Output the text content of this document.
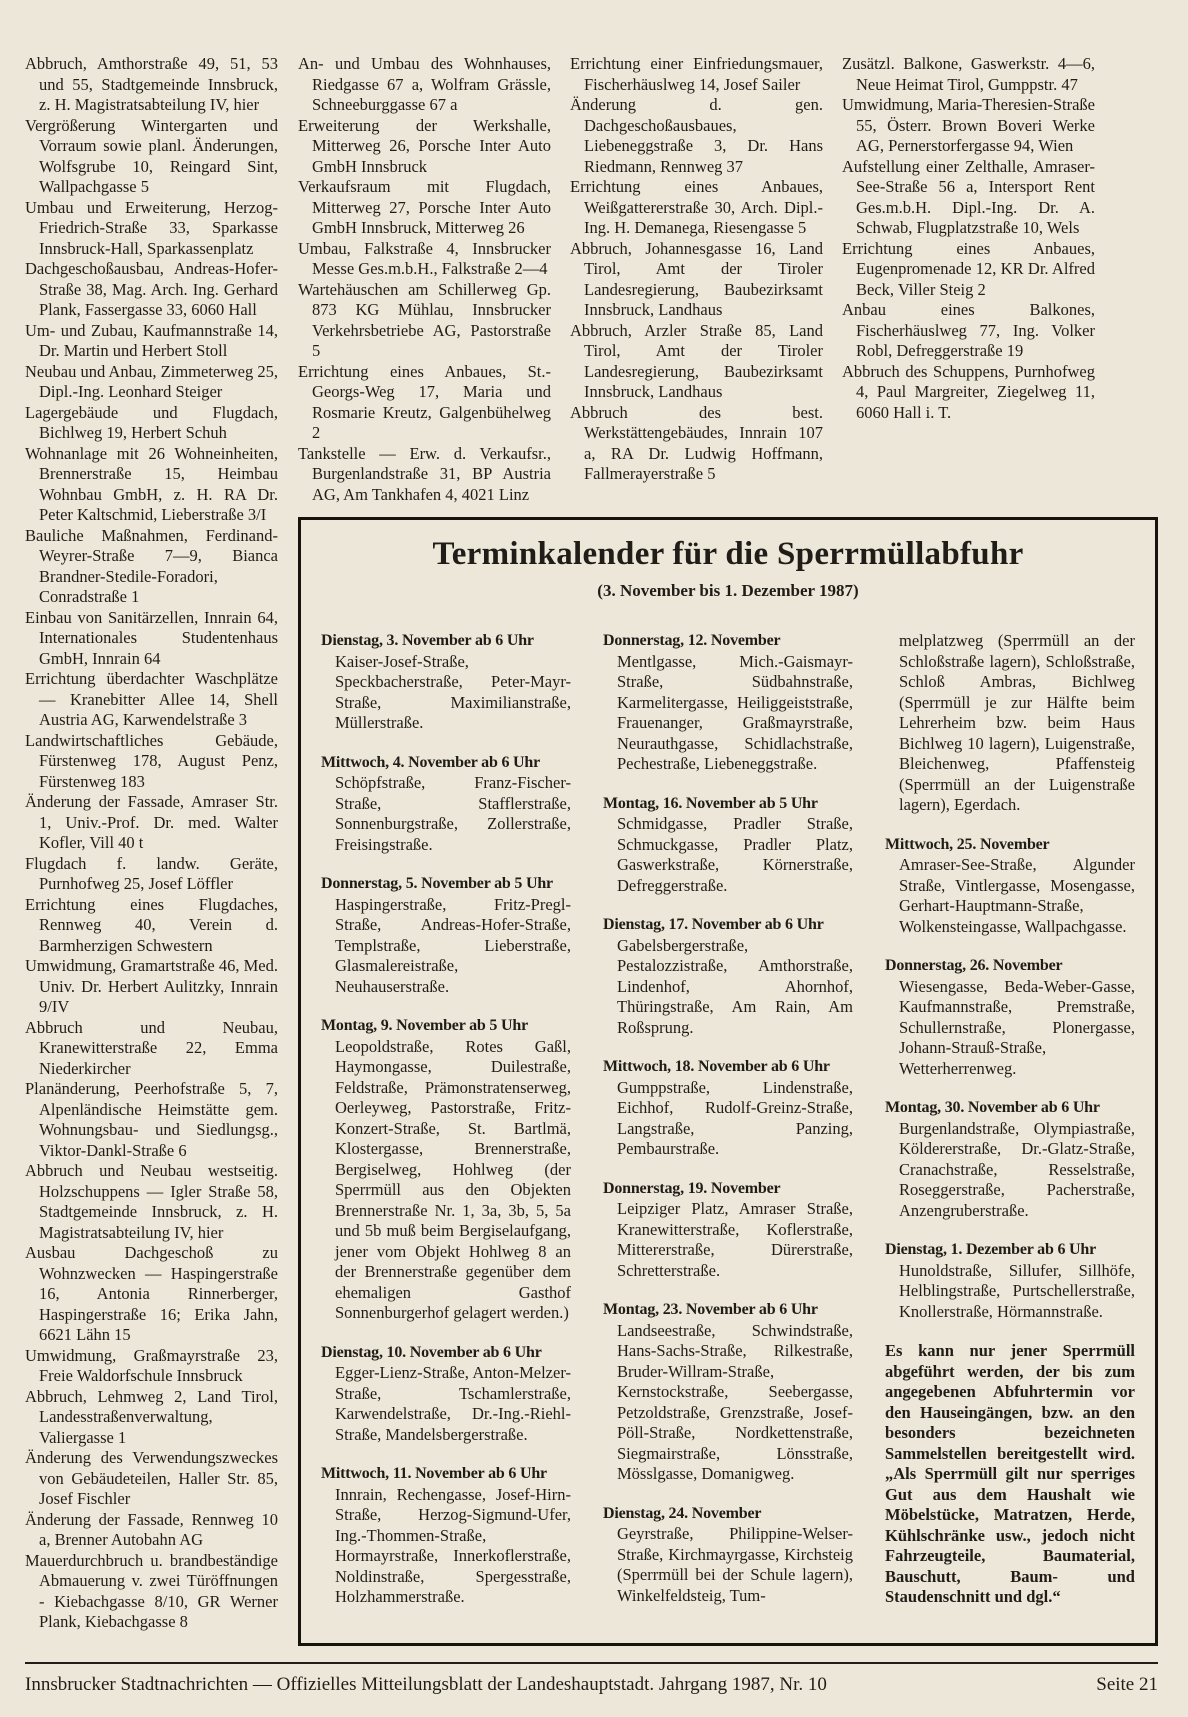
Abbruch, Amthorstraße 49, 51, 53 und 55, Stadtgemeinde Innsbruck, z. H. Magistratsabteilung IV, hier

Vergrößerung Wintergarten und Vorraum sowie planl. Änderungen, Wolfsgrube 10, Reingard Sint, Wallpachgasse 5

Umbau und Erweiterung, Herzog-Friedrich-Straße 33, Sparkasse Innsbruck-Hall, Sparkassenplatz

Dachgeschoßausbau, Andreas-Hofer-Straße 38, Mag. Arch. Ing. Gerhard Plank, Fassergasse 33, 6060 Hall

Um- und Zubau, Kaufmannstraße 14, Dr. Martin und Herbert Stoll

Neubau und Anbau, Zimmeterweg 25, Dipl.-Ing. Leonhard Steiger

Lagergebäude und Flugdach, Bichlweg 19, Herbert Schuh

Wohnanlage mit 26 Wohneinheiten, Brennerstraße 15, Heimbau Wohnbau GmbH, z. H. RA Dr. Peter Kaltschmid, Lieberstraße 3/I

Bauliche Maßnahmen, Ferdinand-Weyrer-Straße 7—9, Bianca Brandner-Stedile-Foradori, Conradstraße 1

Einbau von Sanitärzellen, Innrain 64, Internationales Studentenhaus GmbH, Innrain 64

Errichtung überdachter Waschplätze — Kranebitter Allee 14, Shell Austria AG, Karwendelstraße 3

Landwirtschaftliches Gebäude, Fürstenweg 178, August Penz, Fürstenweg 183

Änderung der Fassade, Amraser Str. 1, Univ.-Prof. Dr. med. Walter Kofler, Vill 40 t

Flugdach f. landw. Geräte, Purnhofweg 25, Josef Löffler

Errichtung eines Flugdaches, Rennweg 40, Verein d. Barmherzigen Schwestern

Umwidmung, Gramartstraße 46, Med. Univ. Dr. Herbert Aulitzky, Innrain 9/IV

Abbruch und Neubau, Kranewitterstraße 22, Emma Niederkircher

Planänderung, Peerhofstraße 5, 7, Alpenländische Heimstätte gem. Wohnungsbau- und Siedlungsg., Viktor-Dankl-Straße 6

Abbruch und Neubau westseitig. Holzschuppens — Igler Straße 58, Stadtgemeinde Innsbruck, z. H. Magistratsabteilung IV, hier

Ausbau Dachgeschoß zu Wohnzwecken — Haspingerstraße 16, Antonia Rinnerberger, Haspingerstraße 16; Erika Jahn, 6621 Lähn 15

Umwidmung, Graßmayrstraße 23, Freie Waldorfschule Innsbruck

Abbruch, Lehmweg 2, Land Tirol, Landesstraßenverwaltung, Valiergasse 1

Änderung des Verwendungszweckes von Gebäudeteilen, Haller Str. 85, Josef Fischler

Änderung der Fassade, Rennweg 10 a, Brenner Autobahn AG

Mauerdurchbruch u. brandbeständige Abmauerung v. zwei Türöffnungen - Kiebachgasse 8/10, GR Werner Plank, Kiebachgasse 8

An- und Umbau des Wohnhauses, Riedgasse 67 a, Wolfram Grässle, Schneeburggasse 67 a

Erweiterung der Werkshalle, Mitterweg 26, Porsche Inter Auto GmbH Innsbruck

Verkaufsraum mit Flugdach, Mitterweg 27, Porsche Inter Auto GmbH Innsbruck, Mitterweg 26

Umbau, Falkstraße 4, Innsbrucker Messe Ges.m.b.H., Falkstraße 2—4

Wartehäuschen am Schillerweg Gp. 873 KG Mühlau, Innsbrucker Verkehrsbetriebe AG, Pastorstraße 5

Errichtung eines Anbaues, St.-Georgs-Weg 17, Maria und Rosmarie Kreutz, Galgenbühelweg 2

Tankstelle — Erw. d. Verkaufsr., Burgenlandstraße 31, BP Austria AG, Am Tankhafen 4, 4021 Linz

Errichtung einer Einfriedungsmauer, Fischerhäuslweg 14, Josef Sailer

Änderung d. gen. Dachgeschoßausbaues, Liebeneggstraße 3, Dr. Hans Riedmann, Rennweg 37

Errichtung eines Anbaues, Weißgattererstraße 30, Arch. Dipl.-Ing. H. Demanega, Riesengasse 5

Abbruch, Johannesgasse 16, Land Tirol, Amt der Tiroler Landesregierung, Baubezirksamt Innsbruck, Landhaus

Abbruch, Arzler Straße 85, Land Tirol, Amt der Tiroler Landesregierung, Baubezirksamt Innsbruck, Landhaus

Abbruch des best. Werkstättengebäudes, Innrain 107 a, RA Dr. Ludwig Hoffmann, Fallmerayerstraße 5

Zusätzl. Balkone, Gaswerkstr. 4—6, Neue Heimat Tirol, Gumppstr. 47

Umwidmung, Maria-Theresien-Straße 55, Österr. Brown Boveri Werke AG, Pernerstorfergasse 94, Wien

Aufstellung einer Zelthalle, Amraser-See-Straße 56 a, Intersport Rent Ges.m.b.H. Dipl.-Ing. Dr. A. Schwab, Flugplatzstraße 10, Wels

Errichtung eines Anbaues, Eugenpromenade 12, KR Dr. Alfred Beck, Viller Steig 2

Anbau eines Balkones, Fischerhäuslweg 77, Ing. Volker Robl, Defreggerstraße 19

Abbruch des Schuppens, Purnhofweg 4, Paul Margreiter, Ziegelweg 11, 6060 Hall i. T.

Terminkalender für die Sperrmüllabfuhr

(3. November bis 1. Dezember 1987)

Dienstag, 3. November ab 6 Uhr

Kaiser-Josef-Straße, Speckbacherstraße, Peter-Mayr-Straße, Maximilianstraße, Müllerstraße.

Mittwoch, 4. November ab 6 Uhr

Schöpfstraße, Franz-Fischer-Straße, Stafflerstraße, Sonnenburgstraße, Zollerstraße, Freisingstraße.

Donnerstag, 5. November ab 5 Uhr

Haspingerstraße, Fritz-Pregl-Straße, Andreas-Hofer-Straße, Templstraße, Lieberstraße, Glasmalereistraße, Neuhauserstraße.

Montag, 9. November ab 5 Uhr

Leopoldstraße, Rotes Gaßl, Haymongasse, Duilestraße, Feldstraße, Prämonstratenserweg, Oerleyweg, Pastorstraße, Fritz-Konzert-Straße, St. Bartlmä, Klostergasse, Brennerstraße, Bergiselweg, Hohlweg (der Sperrmüll aus den Objekten Brennerstraße Nr. 1, 3a, 3b, 5, 5a und 5b muß beim Bergiselaufgang, jener vom Objekt Hohlweg 8 an der Brennerstraße gegenüber dem ehemaligen Gasthof Sonnenburgerhof gelagert werden.)

Dienstag, 10. November ab 6 Uhr

Egger-Lienz-Straße, Anton-Melzer-Straße, Tschamlerstraße, Karwendelstraße, Dr.-Ing.-Riehl-Straße, Mandelsbergerstraße.

Mittwoch, 11. November ab 6 Uhr

Innrain, Rechengasse, Josef-Hirn-Straße, Herzog-Sigmund-Ufer, Ing.-Thommen-Straße, Hormayrstraße, Innerkoflerstraße, Noldinstraße, Spergesstraße, Holzhammerstraße.

Donnerstag, 12. November

Mentlgasse, Mich.-Gaismayr-Straße, Südbahnstraße, Karmelitergasse, Heiliggeiststraße, Frauenanger, Graßmayrstraße, Neurauthgasse, Schidlachstraße, Pechestraße, Liebeneggstraße.

Montag, 16. November ab 5 Uhr

Schmidgasse, Pradler Straße, Schmuckgasse, Pradler Platz, Gaswerkstraße, Körnerstraße, Defreggerstraße.

Dienstag, 17. November ab 6 Uhr

Gabelsbergerstraße, Pestalozzistraße, Amthorstraße, Lindenhof, Ahornhof, Thüringstraße, Am Rain, Am Roßsprung.

Mittwoch, 18. November ab 6 Uhr

Gumppstraße, Lindenstraße, Eichhof, Rudolf-Greinz-Straße, Langstraße, Panzing, Pembaurstraße.

Donnerstag, 19. November

Leipziger Platz, Amraser Straße, Kranewitterstraße, Koflerstraße, Mittererstraße, Dürerstraße, Schretterstraße.

Montag, 23. November ab 6 Uhr

Landseestraße, Schwindstraße, Hans-Sachs-Straße, Rilkestraße, Bruder-Willram-Straße, Kernstockstraße, Seebergasse, Petzoldstraße, Grenzstraße, Josef-Pöll-Straße, Nordkettenstraße, Siegmairstraße, Lönsstraße, Mösslgasse, Domanigweg.

Dienstag, 24. November

Geyrstraße, Philippine-Welser-Straße, Kirchmayrgasse, Kirchsteig (Sperrmüll bei der Schule lagern), Winkelfeldsteig, Tum-

melplatzweg (Sperrmüll an der Schloßstraße lagern), Schloßstraße, Schloß Ambras, Bichlweg (Sperrmüll je zur Hälfte beim Lehrerheim bzw. beim Haus Bichlweg 10 lagern), Luigenstraße, Bleichenweg, Pfaffensteig (Sperrmüll an der Luigenstraße lagern), Egerdach.

Mittwoch, 25. November

Amraser-See-Straße, Algunder Straße, Vintlergasse, Mosengasse, Gerhart-Hauptmann-Straße, Wolkensteingasse, Wallpachgasse.

Donnerstag, 26. November

Wiesengasse, Beda-Weber-Gasse, Kaufmannstraße, Premstraße, Schullernstraße, Plonergasse, Johann-Strauß-Straße, Wetterherrenweg.

Montag, 30. November ab 6 Uhr

Burgenlandstraße, Olympiastraße, Köldererstraße, Dr.-Glatz-Straße, Cranachstraße, Resselstraße, Roseggerstraße, Pacherstraße, Anzengruberstraße.

Dienstag, 1. Dezember ab 6 Uhr

Hunoldstraße, Sillufer, Sillhöfe, Helblingstraße, Purtschellerstraße, Knollerstraße, Hörmannstraße.

Es kann nur jener Sperrmüll abgeführt werden, der bis zum angegebenen Abfuhrtermin vor den Hauseingängen, bzw. an den besonders bezeichneten Sammelstellen bereitgestellt wird. „Als Sperrmüll gilt nur sperriges Gut aus dem Haushalt wie Möbelstücke, Matratzen, Herde, Kühlschränke usw., jedoch nicht Fahrzeugteile, Baumaterial, Bauschutt, Baum- und Staudenschnitt und dgl.“

Innsbrucker Stadtnachrichten — Offizielles Mitteilungsblatt der Landeshauptstadt. Jahrgang 1987, Nr. 10	Seite 21
